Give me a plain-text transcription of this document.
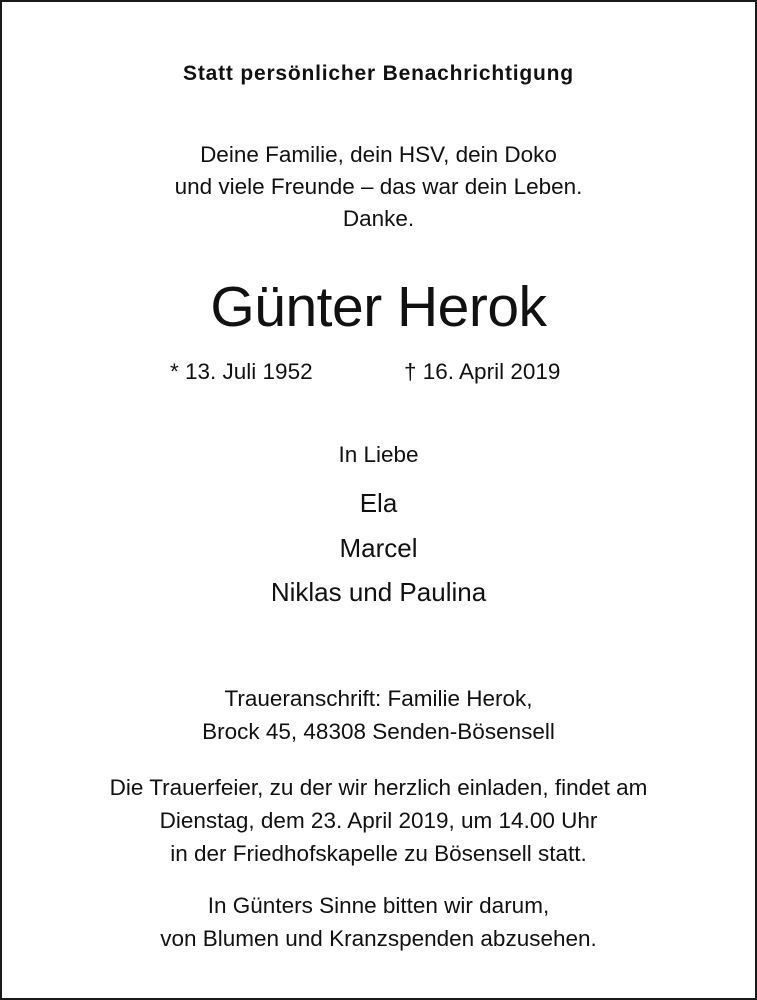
Statt persönlicher Benachrichtigung
Deine Familie, dein HSV, dein Doko
und viele Freunde – das war dein Leben.
Danke.
Günter Herok
* 13. Juli 1952	† 16. April 2019
In Liebe
Ela
Marcel
Niklas und Paulina
Traueranschrift: Familie Herok,
Brock 45, 48308 Senden-Bösensell
Die Trauerfeier, zu der wir herzlich einladen, findet am
Dienstag, dem 23. April 2019, um 14.00 Uhr
in der Friedhofskapelle zu Bösensell statt.
In Günters Sinne bitten wir darum,
von Blumen und Kranzspenden abzusehen.
